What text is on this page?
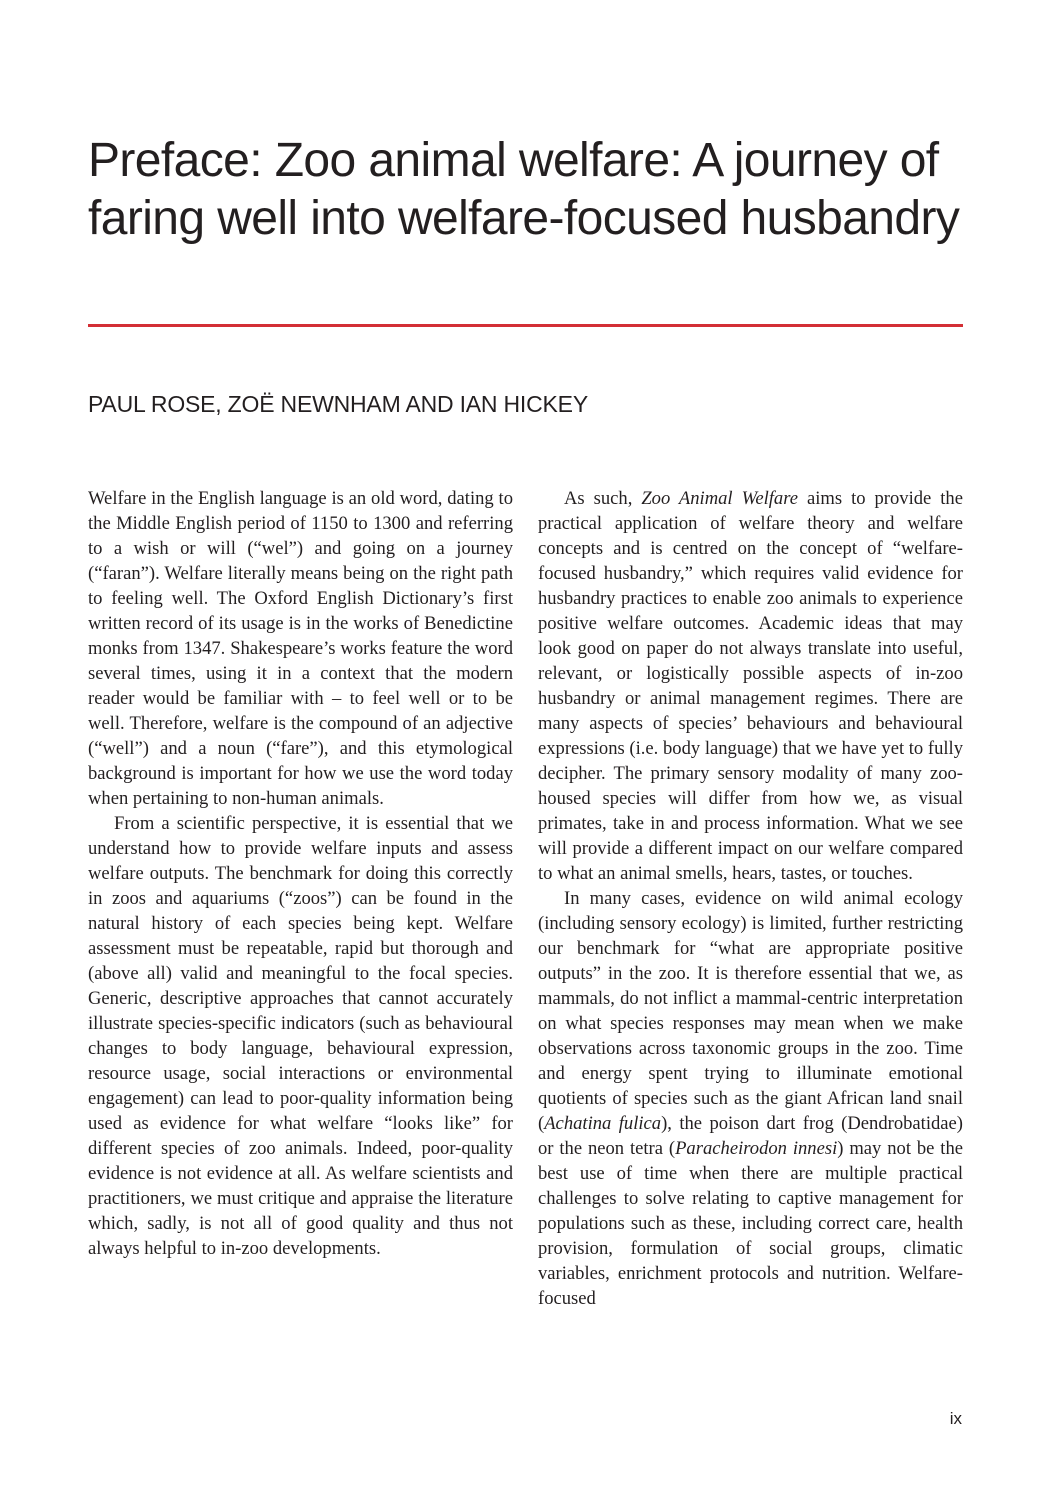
Preface: Zoo animal welfare: A journey of faring well into welfare-focused husbandry

PAUL ROSE, ZOË NEWNHAM AND IAN HICKEY

Welfare in the English language is an old word, dating to the Middle English period of 1150 to 1300 and referring to a wish or will (“wel”) and going on a journey (“faran”). Welfare literally means being on the right path to feeling well. The Oxford English Dictionary’s first written record of its usage is in the works of Benedictine monks from 1347. Shakespeare’s works feature the word several times, using it in a context that the modern reader would be familiar with – to feel well or to be well. Therefore, welfare is the compound of an adjective (“well”) and a noun (“fare”), and this etymological background is important for how we use the word today when pertaining to non-human animals.

From a scientific perspective, it is essential that we understand how to provide welfare inputs and assess welfare outputs. The benchmark for doing this correctly in zoos and aquariums (“zoos”) can be found in the natural history of each species being kept. Welfare assessment must be repeatable, rapid but thorough and (above all) valid and meaningful to the focal species. Generic, descriptive approaches that cannot accurately illustrate species-specific indicators (such as behavioural changes to body language, behavioural expression, resource usage, social interactions or environmental engagement) can lead to poor-quality information being used as evidence for what welfare “looks like” for different species of zoo animals. Indeed, poor-quality evidence is not evidence at all. As welfare scientists and practitioners, we must critique and appraise the literature which, sadly, is not all of good quality and thus not always helpful to in-zoo developments.

As such, Zoo Animal Welfare aims to provide the practical application of welfare theory and welfare concepts and is centred on the concept of “welfare-focused husbandry,” which requires valid evidence for husbandry practices to enable zoo animals to experience positive welfare outcomes. Academic ideas that may look good on paper do not always translate into useful, relevant, or logistically possible aspects of in-zoo husbandry or animal management regimes. There are many aspects of species’ behaviours and behavioural expressions (i.e. body language) that we have yet to fully decipher. The primary sensory modality of many zoo-housed species will differ from how we, as visual primates, take in and process information. What we see will provide a different impact on our welfare compared to what an animal smells, hears, tastes, or touches.

In many cases, evidence on wild animal ecology (including sensory ecology) is limited, further restricting our benchmark for “what are appropriate positive outputs” in the zoo. It is therefore essential that we, as mammals, do not inflict a mammal-centric interpretation on what species responses may mean when we make observations across taxonomic groups in the zoo. Time and energy spent trying to illuminate emotional quotients of species such as the giant African land snail (Achatina fulica), the poison dart frog (Dendrobatidae) or the neon tetra (Paracheirodon innesi) may not be the best use of time when there are multiple practical challenges to solve relating to captive management for populations such as these, including correct care, health provision, formulation of social groups, climatic variables, enrichment protocols and nutrition. Welfare-focused

ix
